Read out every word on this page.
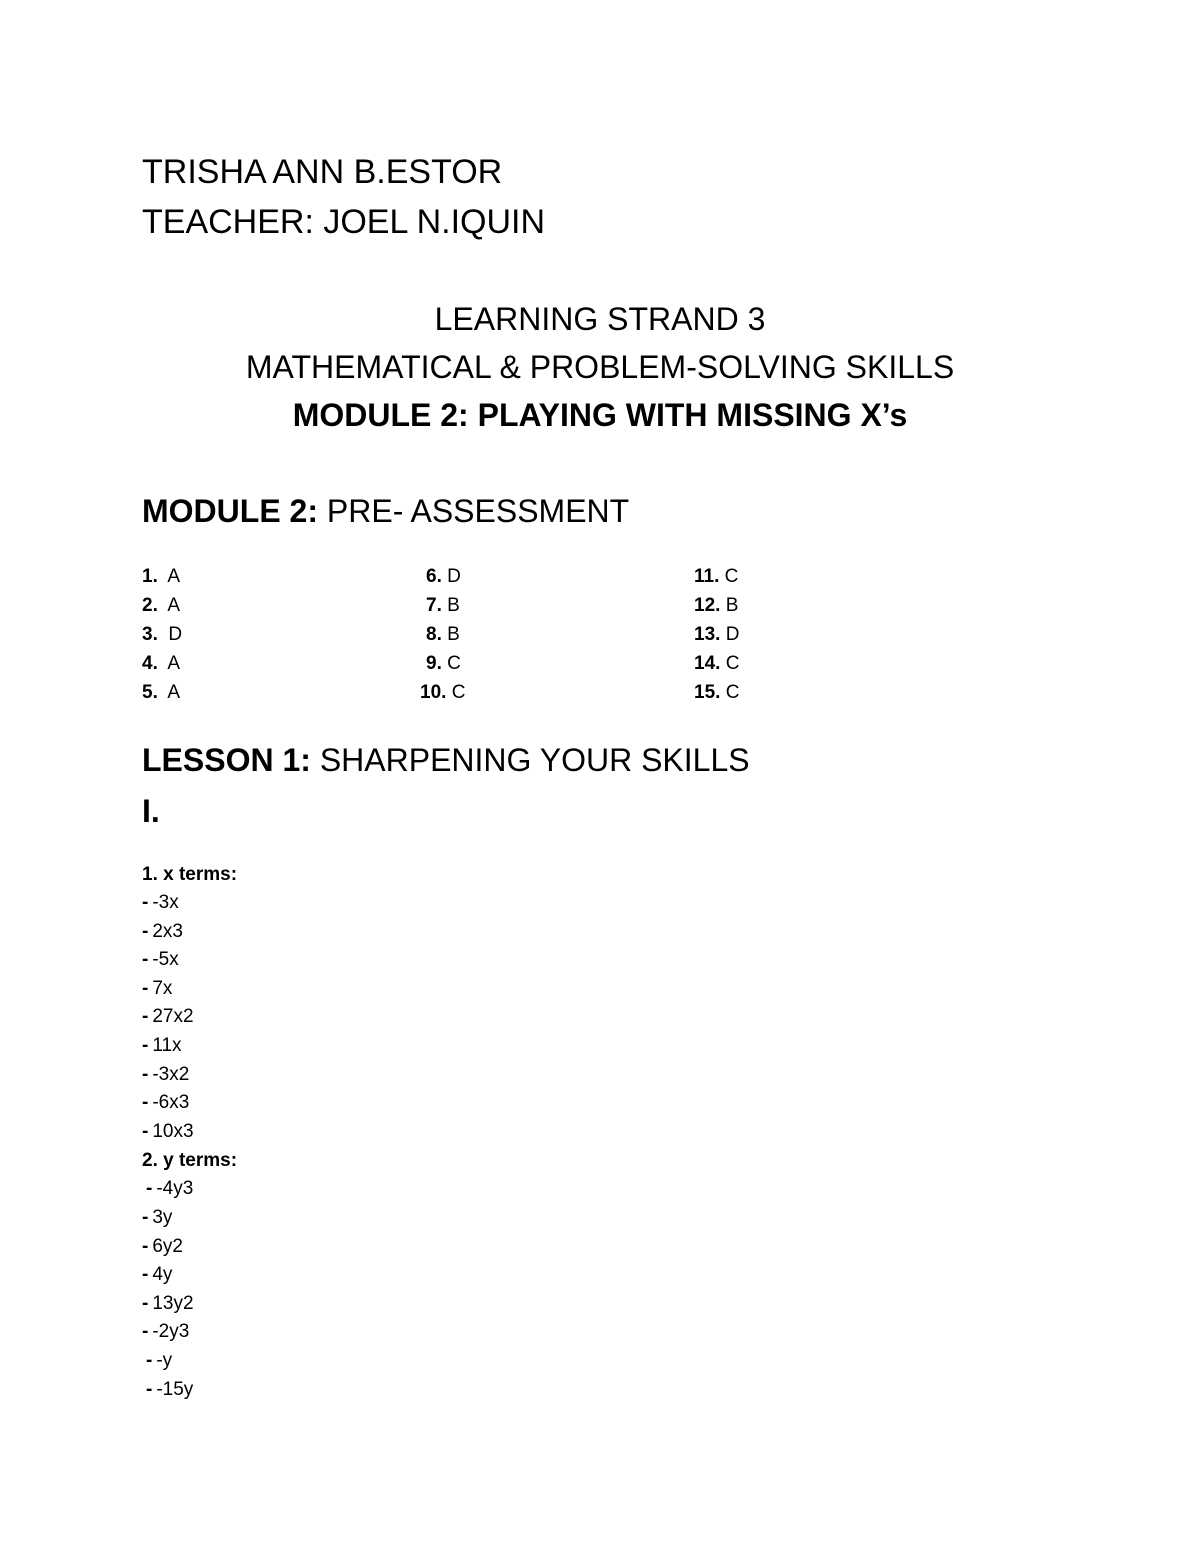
TRISHA ANN B.ESTOR
TEACHER: JOEL N.IQUIN
LEARNING STRAND 3
MATHEMATICAL & PROBLEM-SOLVING SKILLS
MODULE 2: PLAYING WITH MISSING X’s
MODULE 2: PRE- ASSESSMENT
1. A
2. A
3. D
4. A
5. A
6. D
7. B
8. B
9. C
10. C
11. C
12. B
13. D
14. C
15. C
LESSON 1: SHARPENING YOUR SKILLS
I.
1. x terms:
- -3x
- 2x3
- -5x
- 7x
- 27x2
- 11x
- -3x2
- -6x3
- 10x3
2. y terms:
- -4y3
- 3y
- 6y2
- 4y
- 13y2
- -2y3
- -y
- -15y
